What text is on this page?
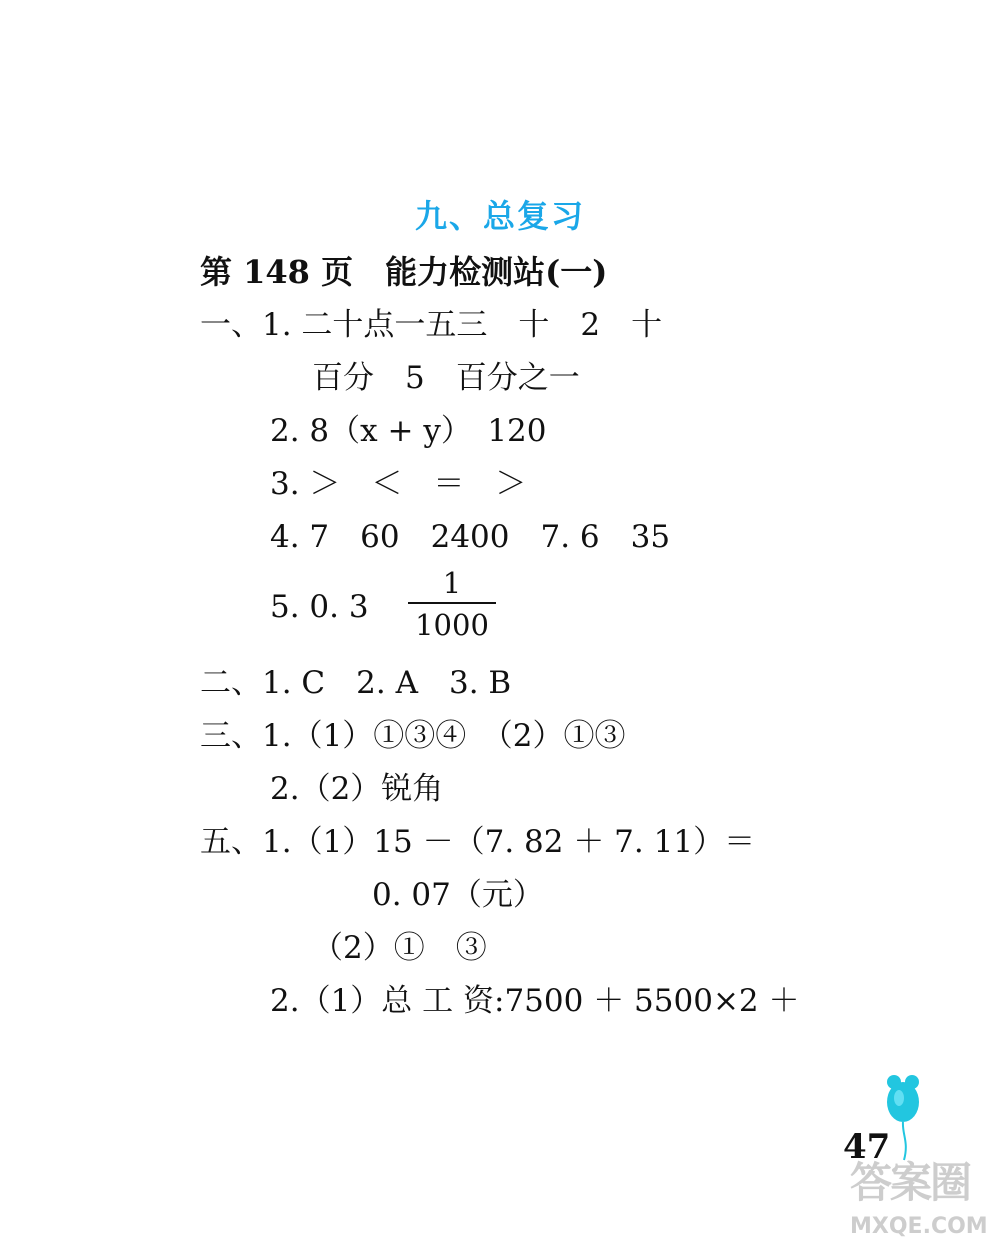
九、总复习
第 148 页　能力检测站(一)
一、1. 二十点一五三　十　2　十
百分　5　百分之一
2. 8（x + y）　120
3. ＞　＜　＝　＞
4. 7　60　2400　7. 6　35
5. 0. 3
1
1000
二、1. C　2. A　3. B
三、1.（1）①③④　（2）①③
2.（2）锐角
五、1.（1）15 －（7. 82 ＋ 7. 11）＝
0. 07（元）
（2）①　③
2.（1）总 工 资:7500 ＋ 5500×2 ＋
47
答案圈
MXQE.COM
